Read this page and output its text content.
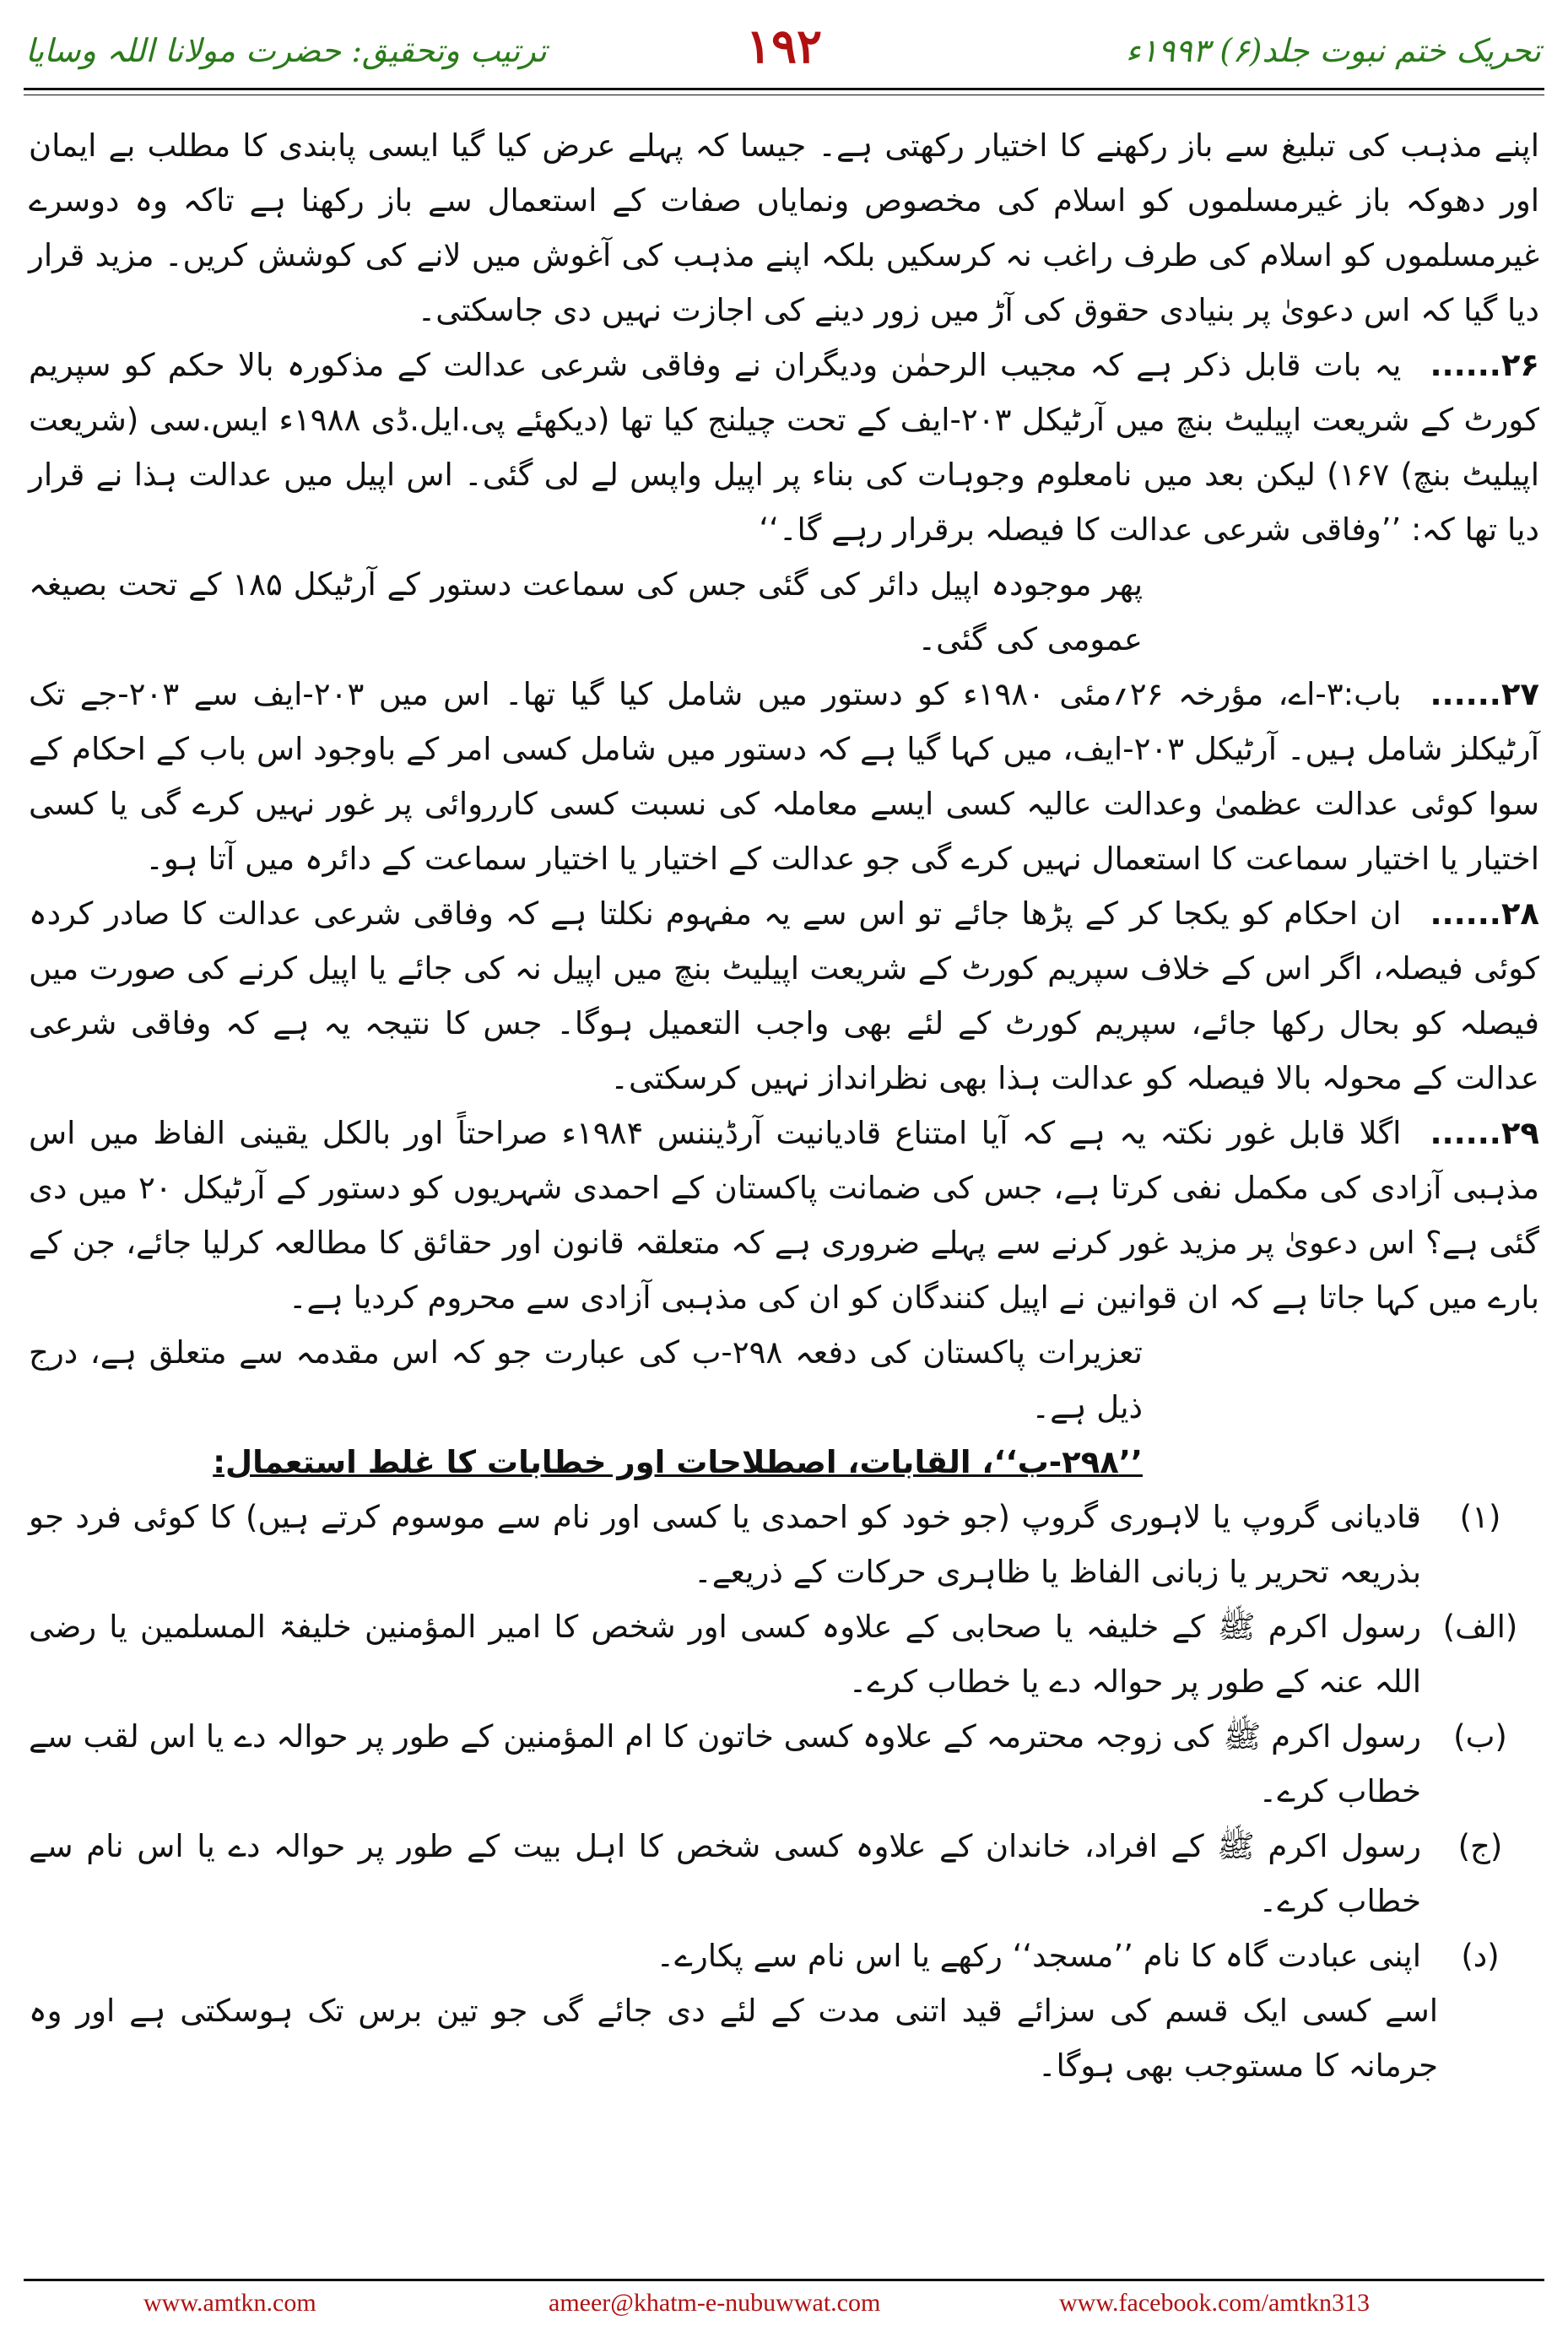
ترتیب وتحقیق: حضرت مولانا اللہ وسایا	۱۹۲	تحریک ختم نبوت جلد(۶) ۱۹۹۳ء

اپنے مذہب کی تبلیغ سے باز رکھنے کا اختیار رکھتی ہے۔ جیسا کہ پہلے عرض کیا گیا ایسی پابندی کا مطلب بے ایمان اور دھوکہ باز غیرمسلموں کو اسلام کی مخصوص ونمایاں صفات کے استعمال سے باز رکھنا ہے تاکہ وہ دوسرے غیرمسلموں کو اسلام کی طرف راغب نہ کرسکیں بلکہ اپنے مذہب کی آغوش میں لانے کی کوشش کریں۔ مزید قرار دیا گیا کہ اس دعویٰ پر بنیادی حقوق کی آڑ میں زور دینے کی اجازت نہیں دی جاسکتی۔

۲۶......یہ بات قابل ذکر ہے کہ مجیب الرحمٰن ودیگران نے وفاقی شرعی عدالت کے مذکورہ بالا حکم کو سپریم کورٹ کے شریعت اپیلیٹ بنچ میں آرٹیکل ۲۰۳-ایف کے تحت چیلنج کیا تھا (دیکھئے پی.ایل.ڈی ۱۹۸۸ء ایس.سی (شریعت اپیلیٹ بنچ) ۱۶۷) لیکن بعد میں نامعلوم وجوہات کی بناء پر اپیل واپس لے لی گئی۔ اس اپیل میں عدالت ہذا نے قرار دیا تھا کہ: ’’وفاقی شرعی عدالت کا فیصلہ برقرار رہے گا۔‘‘

پھر موجودہ اپیل دائر کی گئی جس کی سماعت دستور کے آرٹیکل ۱۸۵ کے تحت بصیغہ عمومی کی گئی۔

۲۷......باب:۳-اے، مؤرخہ ۲۶؍مئی ۱۹۸۰ء کو دستور میں شامل کیا گیا تھا۔ اس میں ۲۰۳-ایف سے ۲۰۳-جے تک آرٹیکلز شامل ہیں۔ آرٹیکل ۲۰۳-ایف، میں کہا گیا ہے کہ دستور میں شامل کسی امر کے باوجود اس باب کے احکام کے سوا کوئی عدالت عظمیٰ وعدالت عالیہ کسی ایسے معاملہ کی نسبت کسی کارروائی پر غور نہیں کرے گی یا کسی اختیار یا اختیار سماعت کا استعمال نہیں کرے گی جو عدالت کے اختیار یا اختیار سماعت کے دائرہ میں آتا ہو۔

۲۸......ان احکام کو یکجا کر کے پڑھا جائے تو اس سے یہ مفہوم نکلتا ہے کہ وفاقی شرعی عدالت کا صادر کردہ کوئی فیصلہ، اگر اس کے خلاف سپریم کورٹ کے شریعت اپیلیٹ بنچ میں اپیل نہ کی جائے یا اپیل کرنے کی صورت میں فیصلہ کو بحال رکھا جائے، سپریم کورٹ کے لئے بھی واجب التعمیل ہوگا۔ جس کا نتیجہ یہ ہے کہ وفاقی شرعی عدالت کے محولہ بالا فیصلہ کو عدالت ہذا بھی نظرانداز نہیں کرسکتی۔

۲۹......اگلا قابل غور نکتہ یہ ہے کہ آیا امتناع قادیانیت آرڈیننس ۱۹۸۴ء صراحتاً اور بالکل یقینی الفاظ میں اس مذہبی آزادی کی مکمل نفی کرتا ہے، جس کی ضمانت پاکستان کے احمدی شہریوں کو دستور کے آرٹیکل ۲۰ میں دی گئی ہے؟ اس دعویٰ پر مزید غور کرنے سے پہلے ضروری ہے کہ متعلقہ قانون اور حقائق کا مطالعہ کرلیا جائے، جن کے بارے میں کہا جاتا ہے کہ ان قوانین نے اپیل کنندگان کو ان کی مذہبی آزادی سے محروم کردیا ہے۔

تعزیرات پاکستان کی دفعہ ۲۹۸-ب کی عبارت جو کہ اس مقدمہ سے متعلق ہے، درج ذیل ہے۔

’’۲۹۸-ب‘‘، القابات، اصطلاحات اور خطابات کا غلط استعمال:

(۱)
قادیانی گروپ یا لاہوری گروپ (جو خود کو احمدی یا کسی اور نام سے موسوم کرتے ہیں) کا کوئی فرد جو بذریعہ تحریر یا زبانی الفاظ یا ظاہری حرکات کے ذریعے۔
(الف)
رسول اکرم ﷺ کے خلیفہ یا صحابی کے علاوہ کسی اور شخص کا امیر المؤمنین خلیفۃ المسلمین یا رضی اللہ عنہ کے طور پر حوالہ دے یا خطاب کرے۔
(ب)
رسول اکرم ﷺ کی زوجہ محترمہ کے علاوہ کسی خاتون کا ام المؤمنین کے طور پر حوالہ دے یا اس لقب سے خطاب کرے۔
(ج)
رسول اکرم ﷺ کے افراد، خاندان کے علاوہ کسی شخص کا اہل بیت کے طور پر حوالہ دے یا اس نام سے خطاب کرے۔
(د)
اپنی عبادت گاہ کا نام ’’مسجد‘‘ رکھے یا اس نام سے پکارے۔

اسے کسی ایک قسم کی سزائے قید اتنی مدت کے لئے دی جائے گی جو تین برس تک ہوسکتی ہے اور وہ جرمانہ کا مستوجب بھی ہوگا۔

www.amtkn.com	ameer@khatm-e-nubuwwat.com	www.facebook.com/amtkn313
